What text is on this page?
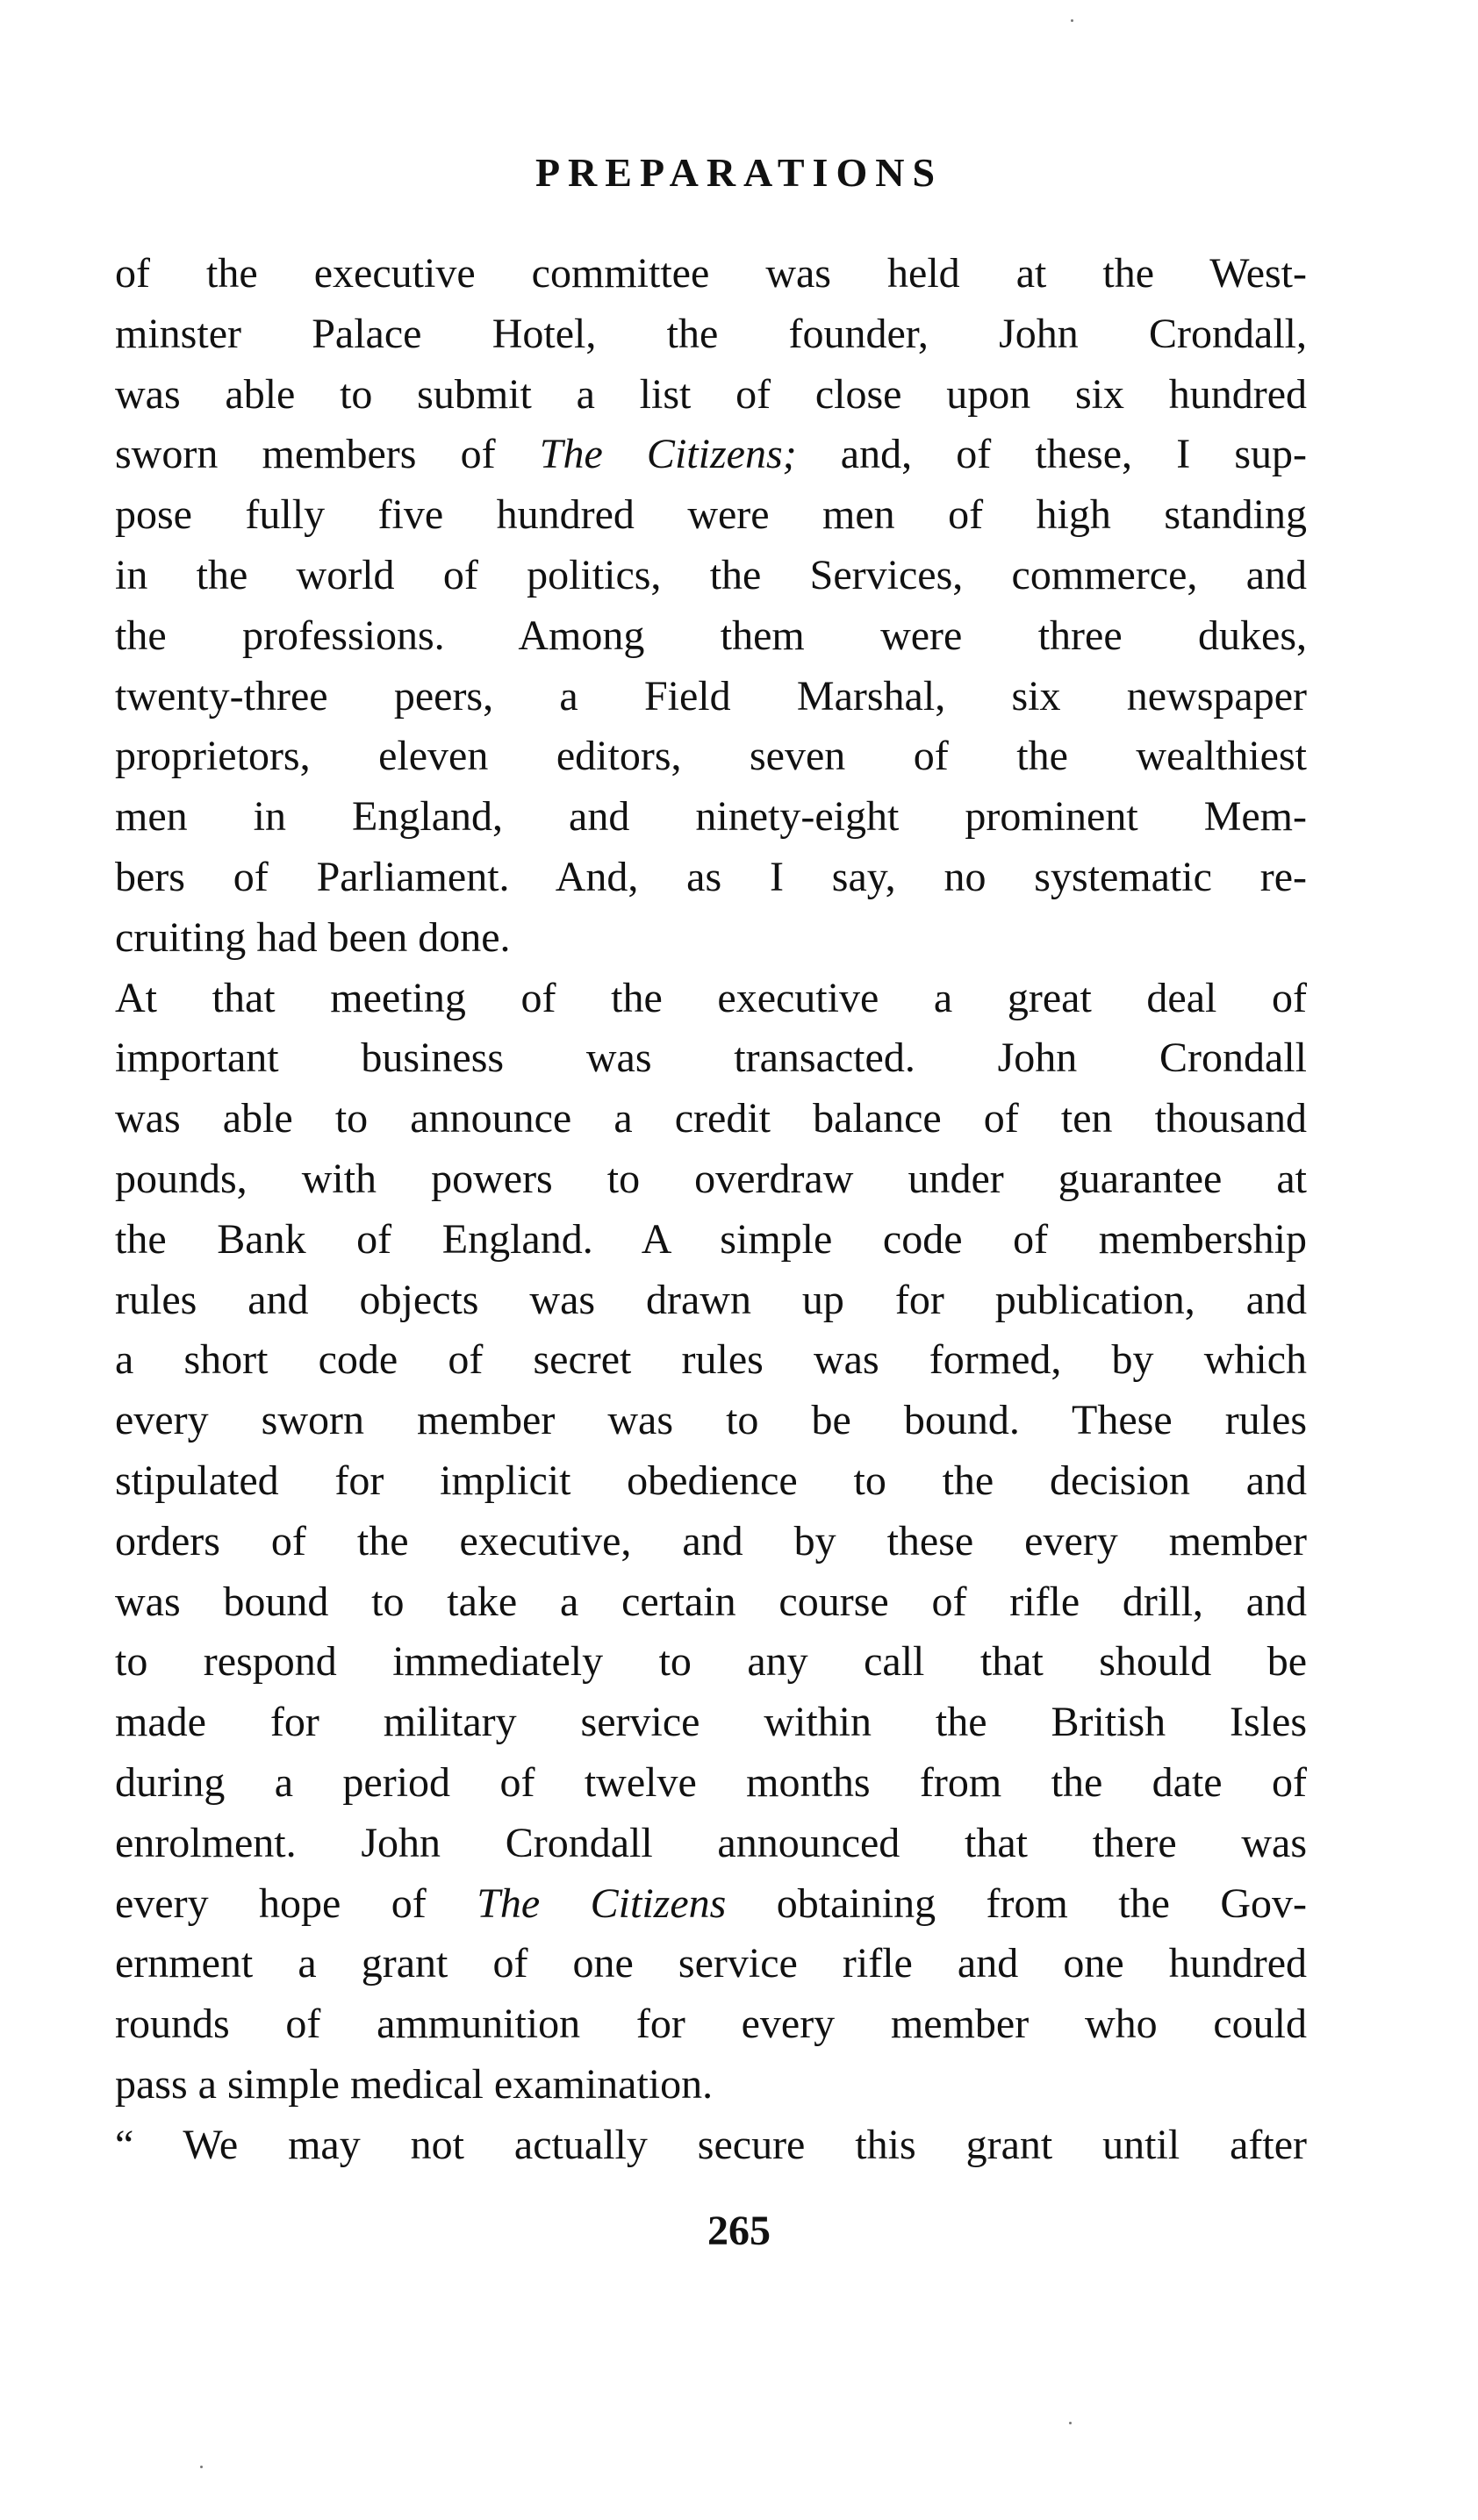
PREPARATIONS
of the executive committee was held at the West-
minster Palace Hotel, the founder, John Crondall,
was able to submit a list of close upon six hundred
sworn members of The Citizens; and, of these, I sup-
pose fully five hundred were men of high standing
in the world of politics, the Services, commerce, and
the professions. Among them were three dukes,
twenty-three peers, a Field Marshal, six newspaper
proprietors, eleven editors, seven of the wealthiest
men in England, and ninety-eight prominent Mem-
bers of Parliament. And, as I say, no systematic re-
cruiting had been done.
At that meeting of the executive a great deal of
important business was transacted. John Crondall
was able to announce a credit balance of ten thousand
pounds, with powers to overdraw under guarantee at
the Bank of England. A simple code of membership
rules and objects was drawn up for publication, and
a short code of secret rules was formed, by which
every sworn member was to be bound. These rules
stipulated for implicit obedience to the decision and
orders of the executive, and by these every member
was bound to take a certain course of rifle drill, and
to respond immediately to any call that should be
made for military service within the British Isles
during a period of twelve months from the date of
enrolment. John Crondall announced that there was
every hope of The Citizens obtaining from the Gov-
ernment a grant of one service rifle and one hundred
rounds of ammunition for every member who could
pass a simple medical examination.
“ We may not actually secure this grant until after
265
